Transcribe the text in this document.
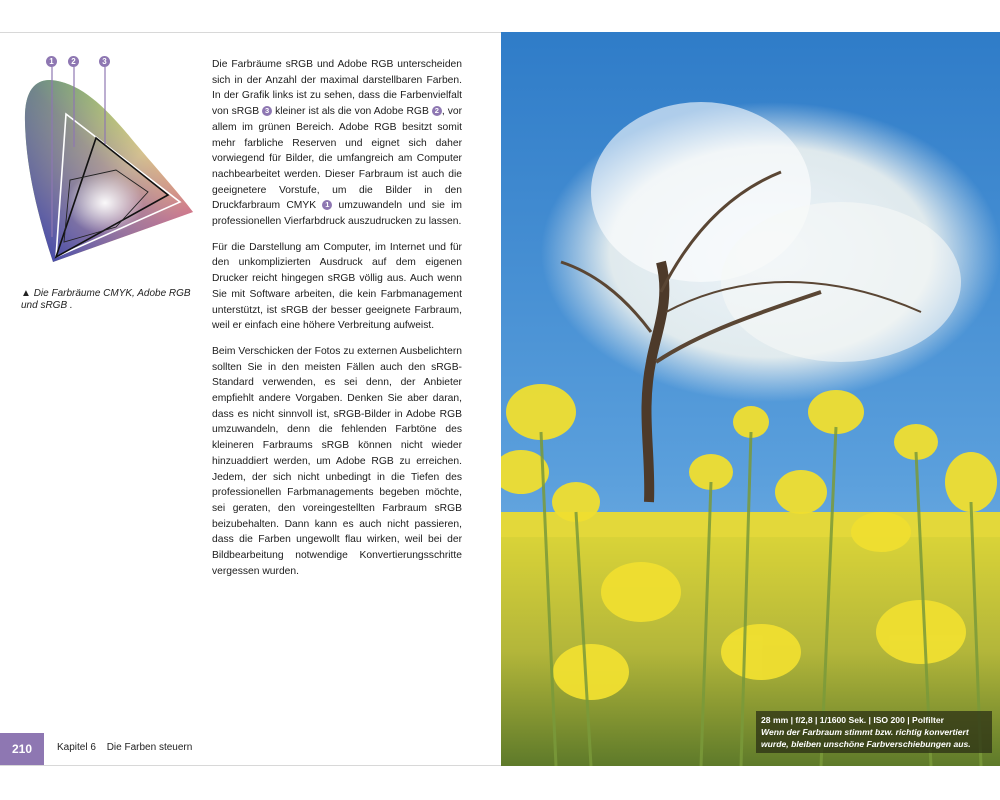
1	2	3
▲ Die Farbräume CMYK, Adobe RGB und sRGB .

Die Farbräume sRGB und Adobe RGB unterscheiden sich in der Anzahl der maximal darstellbaren Farben. In der Grafik links ist zu sehen, dass die Farbenvielfalt von sRGB 3 kleiner ist als die von Adobe RGB 2 , vor allem im grünen Bereich. Adobe RGB besitzt somit mehr farbliche Reserven und eignet sich daher vorwiegend für Bilder, die umfangreich am Computer nachbearbeitet werden. Dieser Farbraum ist auch die geeignetere Vorstufe, um die Bilder in den Druckfarbraum CMYK 1 umzuwandeln und sie im professionellen Vierfarbdruck auszudrucken zu lassen.

Für die Darstellung am Computer, im Internet und für den unkomplizierten Ausdruck auf dem eigenen Drucker reicht hingegen sRGB völlig aus. Auch wenn Sie mit Software arbeiten, die kein Farbmanagement unterstützt, ist sRGB der besser geeignete Farbraum, weil er einfach eine höhere Verbreitung aufweist.

Beim Verschicken der Fotos zu externen Ausbelichtern sollten Sie in den meisten Fällen auch den sRGB-Standard verwenden, es sei denn, der Anbieter empfiehlt andere Vorgaben. Denken Sie aber daran, dass es nicht sinnvoll ist, sRGB-Bilder in Adobe RGB umzuwandeln, denn die fehlenden Farbtöne des kleineren Farbraums sRGB können nicht wieder hinzuaddiert werden, um Adobe RGB zu erreichen. Jedem, der sich nicht unbedingt in die Tiefen des professionellen Farbmanagements begeben möchte, sei geraten, den voreingestellten Farbraum sRGB beizubehalten. Dann kann es auch nicht passieren, dass die Farben ungewollt flau wirken, weil bei der Bildbearbeitung notwendige Konvertierungsschritte vergessen wurden.

210	Kapitel 6 Die Farben steuern
28 mm | f/2,8 | 1/1600 Sek. | ISO 200 | Polfilter
Wenn der Farbraum stimmt bzw. richtig konvertiert wurde, bleiben unschöne Farbverschiebungen aus.
